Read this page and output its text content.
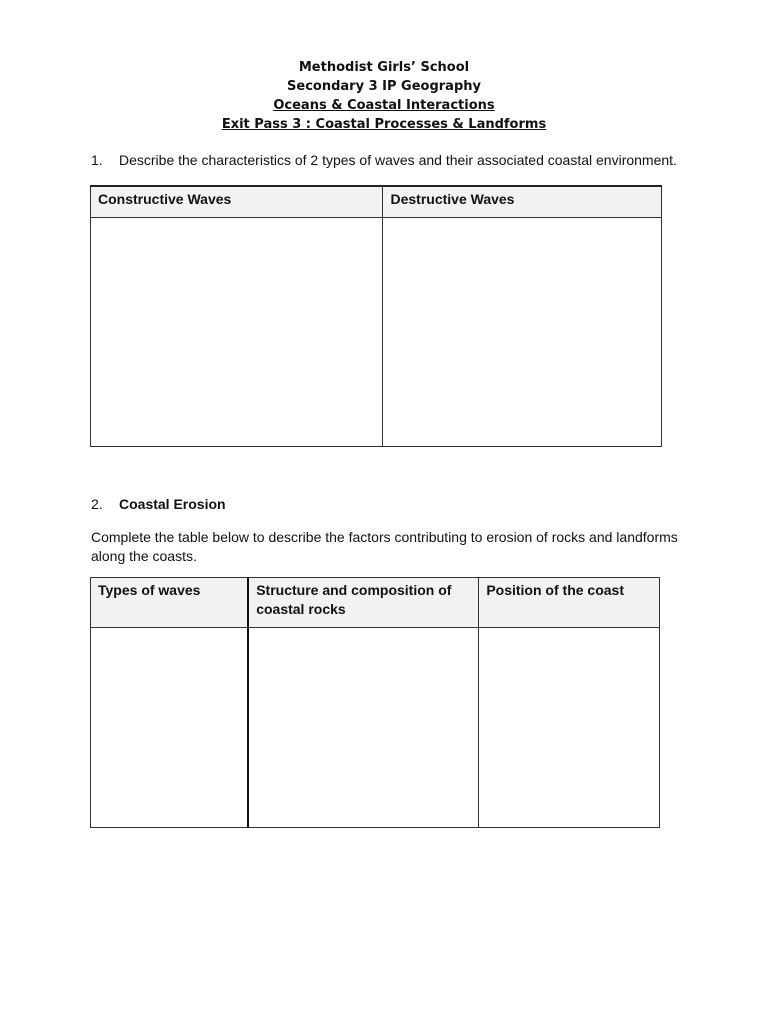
Methodist Girls’ School
Secondary 3 IP Geography
Oceans & Coastal Interactions
Exit Pass 3 : Coastal Processes & Landforms
1. Describe the characteristics of 2 types of waves and their associated coastal environment.
Constructive Waves	Destructive Waves

2. Coastal Erosion
Complete the table below to describe the factors contributing to erosion of rocks and landforms along the coasts.
Types of waves	Structure and composition of coastal rocks	Position of the coast
